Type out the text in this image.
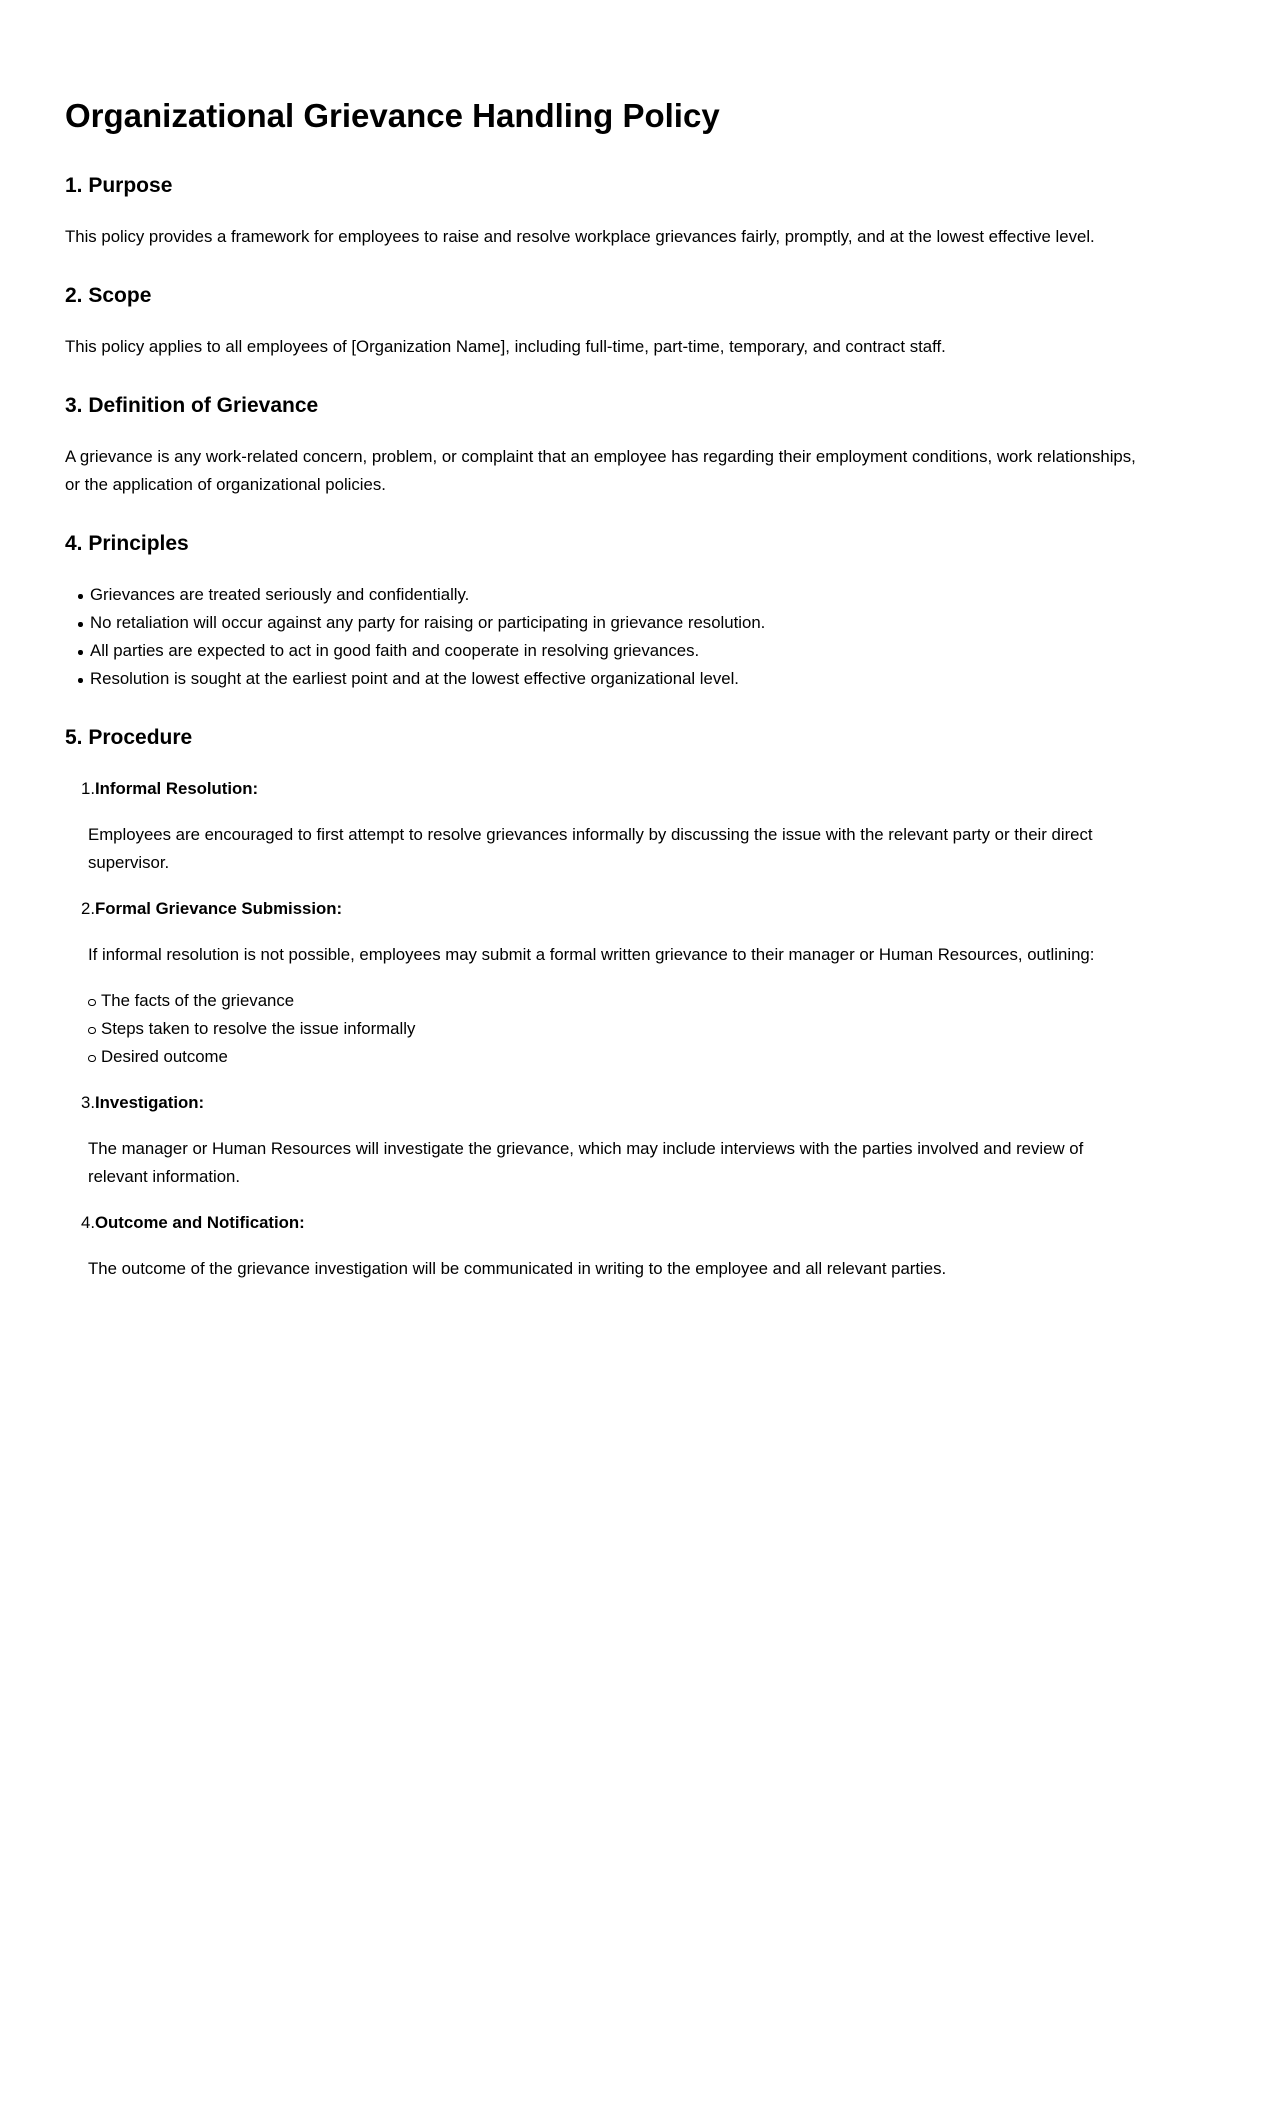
Organizational Grievance Handling Policy
1. Purpose

This policy provides a framework for employees to raise and resolve workplace grievances fairly, promptly, and at the lowest effective level.

2. Scope

This policy applies to all employees of [Organization Name], including full-time, part-time, temporary, and contract staff.

3. Definition of Grievance

A grievance is any work-related concern, problem, or complaint that an employee has regarding their employment conditions, work relationships, or the application of organizational policies.

4. Principles
Grievances are treated seriously and confidentially.
No retaliation will occur against any party for raising or participating in grievance resolution.
All parties are expected to act in good faith and cooperate in resolving grievances.
Resolution is sought at the earliest point and at the lowest effective organizational level.
5. Procedure
1. Informal Resolution:

Employees are encouraged to first attempt to resolve grievances informally by discussing the issue with the relevant party or their direct supervisor.

2. Formal Grievance Submission:

If informal resolution is not possible, employees may submit a formal written grievance to their manager or Human Resources, outlining:

The facts of the grievance
Steps taken to resolve the issue informally
Desired outcome
3. Investigation:

The manager or Human Resources will investigate the grievance, which may include interviews with the parties involved and review of relevant information.

4. Outcome and Notification:

The outcome of the grievance investigation will be communicated in writing to the employee and all relevant parties.
